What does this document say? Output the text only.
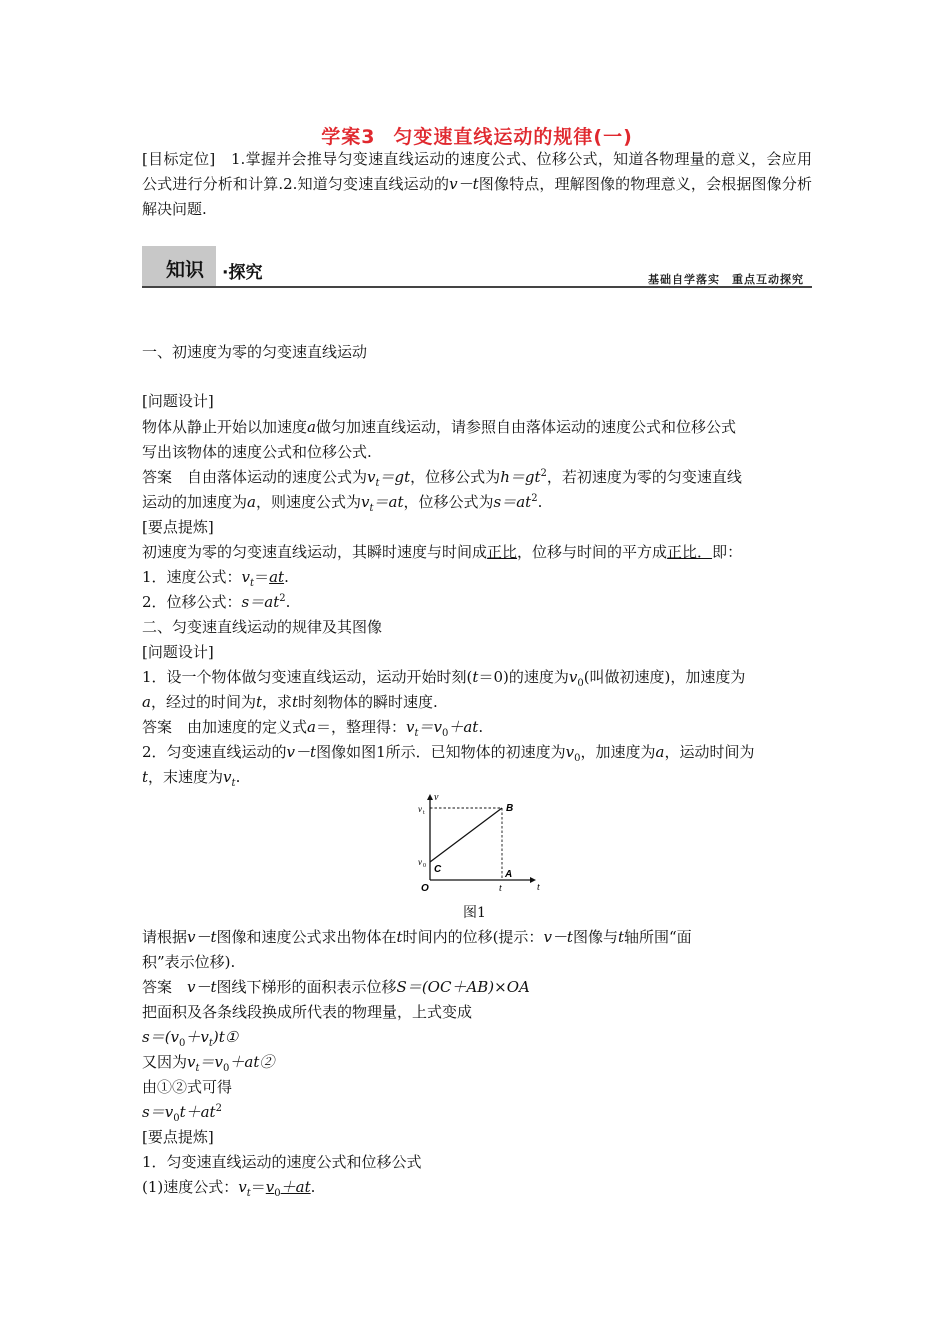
学案3 匀变速直线运动的规律(一)
[目标定位]　 1.掌握并会推导匀变速直线运动的速度公式、位移公式，知道各物理量的意义，会应用公式进行分析和计算.2.知道匀变速直线运动的v－t图像特点，理解图像的物理意义，会根据图像分析解决问题.
知识 ·探究	基础自学落实　重点互动探究
一、初速度为零的匀变速直线运动
[问题设计]
物体从静止开始以加速度a做匀加速直线运动，请参照自由落体运动的速度公式和位移公式
写出该物体的速度公式和位移公式.
答案　自由落体运动的速度公式为$v_t=gt$，位移公式为$h=gt^2$，若初速度为零的匀变速直线
运动的加速度为a，则速度公式为$v_t=at$，位移公式为$s=at^2$.
[要点提炼]
初速度为零的匀变速直线运动，其瞬时速度与时间成正比，位移与时间的平方成正比．即：
1．速度公式：$v_t=at$.
2．位移公式：$s=at^2$.
二、匀变速直线运动的规律及其图像
[问题设计]
1．设一个物体做匀变速直线运动，运动开始时刻(t＝0)的速度为$v_0$(叫做初速度)，加速度为
a，经过的时间为t，求t时刻物体的瞬时速度.
答案　由加速度的定义式a＝，整理得：$v_t=v_0+at$.
2．匀变速直线运动的v－t图像如图1所示．已知物体的初速度为$v_0$，加速度为a，运动时间为
t，末速度为$v_t$.
v
t
v t
v 0
O
B
C	A
t
图1
请根据v－t图像和速度公式求出物体在t时间内的位移(提示：v－t图像与t轴所围“面
积”表示位移).
答案　v－t图线下梯形的面积表示位移S＝(OC＋AB)×OA
把面积及各条线段换成所代表的物理量，上式变成
$s=(v_0+v_t)t①$
又因为$v_t=v_0+at②$
由①②式可得
$s=v_0t+at^2$
[要点提炼]
1．匀变速直线运动的速度公式和位移公式
(1)速度公式：$v_t=v_0+at$.
